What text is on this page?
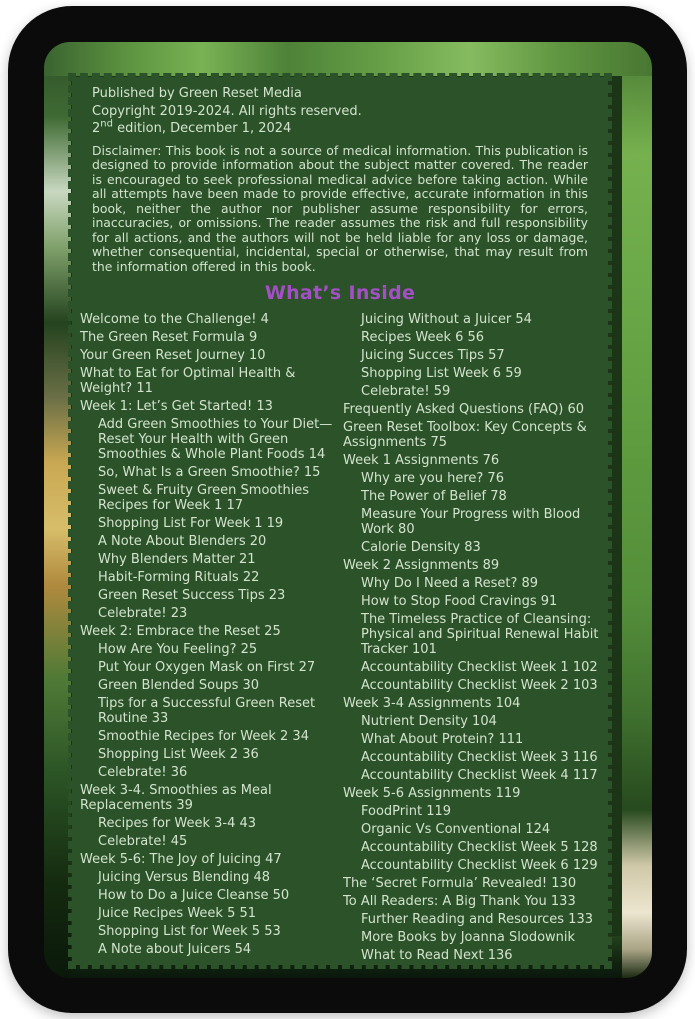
Published by Green Reset Media
Copyright 2019-2024. All rights reserved.
2nd edition, December 1, 2024

Disclaimer: This book is not a source of medical information. This publication is designed to provide information about the subject matter covered. The reader is encouraged to seek professional medical advice before taking action. While all attempts have been made to provide effective, accurate information in this book, neither the author nor publisher assume responsibility for errors, inaccuracies, or omissions. The reader assumes the risk and full responsibility for all actions, and the authors will not be held liable for any loss or damage, whether consequential, incidental, special or otherwise, that may result from the information offered in this book.

What’s Inside
Welcome to the Challenge! 4
The Green Reset Formula 9
Your Green Reset Journey 10
What to Eat for Optimal Health & Weight? 11
Week 1: Let’s Get Started! 13
Add Green Smoothies to Your Diet—Reset Your Health with Green Smoothies & Whole Plant Foods 14
So, What Is a Green Smoothie? 15
Sweet & Fruity Green Smoothies Recipes for Week 1 17
Shopping List For Week 1 19
A Note About Blenders 20
Why Blenders Matter 21
Habit-Forming Rituals 22
Green Reset Success Tips 23
Celebrate! 23
Week 2: Embrace the Reset 25
How Are You Feeling? 25
Put Your Oxygen Mask on First 27
Green Blended Soups 30
Tips for a Successful Green Reset Routine 33
Smoothie Recipes for Week 2 34
Shopping List Week 2 36
Celebrate! 36
Week 3-4. Smoothies as Meal Replacements 39
Recipes for Week 3-4 43
Celebrate! 45
Week 5-6: The Joy of Juicing 47
Juicing Versus Blending 48
How to Do a Juice Cleanse 50
Juice Recipes Week 5 51
Shopping List for Week 5 53
A Note about Juicers 54
Juicing Without a Juicer 54
Recipes Week 6 56
Juicing Succes Tips 57
Shopping List Week 6 59
Celebrate! 59
Frequently Asked Questions (FAQ) 60
Green Reset Toolbox: Key Concepts & Assignments 75
Week 1 Assignments 76
Why are you here? 76
The Power of Belief 78
Measure Your Progress with Blood Work 80
Calorie Density 83
Week 2 Assignments 89
Why Do I Need a Reset? 89
How to Stop Food Cravings 91
The Timeless Practice of Cleansing: Physical and Spiritual Renewal Habit Tracker 101
Accountability Checklist Week 1 102
Accountability Checklist Week 2 103
Week 3-4 Assignments 104
Nutrient Density 104
What About Protein? 111
Accountability Checklist Week 3 116
Accountability Checklist Week 4 117
Week 5-6 Assignments 119
FoodPrint 119
Organic Vs Conventional 124
Accountability Checklist Week 5 128
Accountability Checklist Week 6 129
The ‘Secret Formula’ Revealed! 130
To All Readers: A Big Thank You 133
Further Reading and Resources 133
More Books by Joanna Slodownik
What to Read Next 136
